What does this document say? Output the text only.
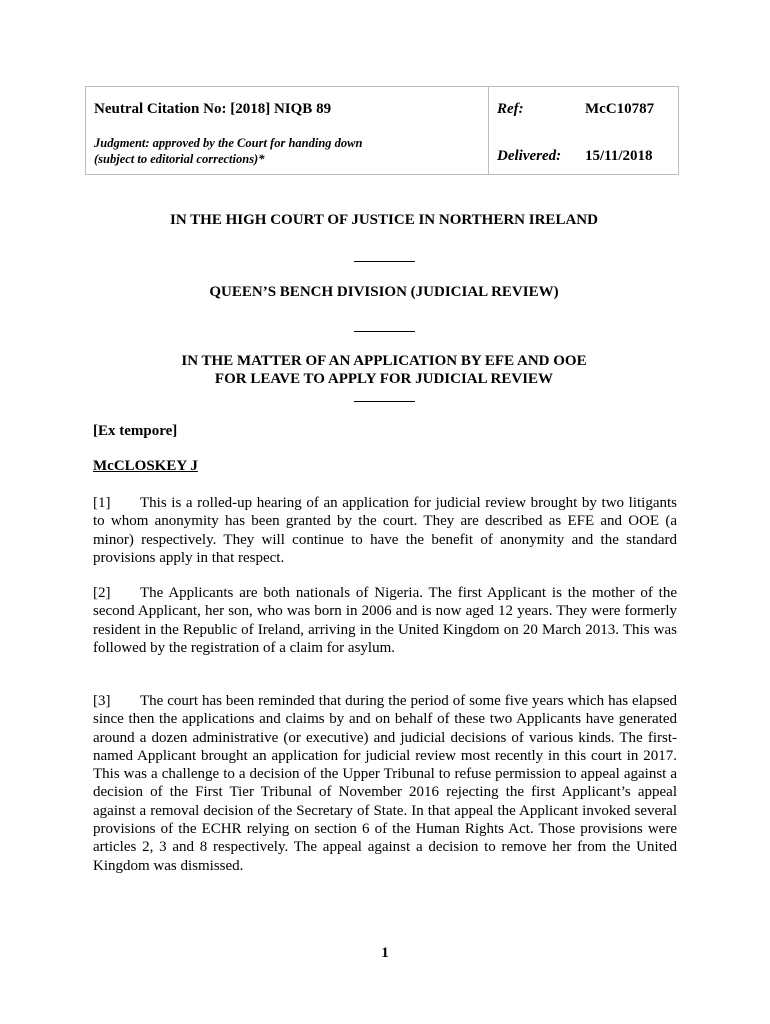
Neutral Citation No: [2018] NIQB 89
Judgment: approved by the Court for handing down
(subject to editorial corrections)*
Ref:	McC10787
Delivered: 15/11/2018
IN THE HIGH COURT OF JUSTICE IN NORTHERN IRELAND
QUEEN’S BENCH DIVISION (JUDICIAL REVIEW)
IN THE MATTER OF AN APPLICATION BY EFE AND OOE
FOR LEAVE TO APPLY FOR JUDICIAL REVIEW
[Ex tempore]
McCLOSKEY J
[1] This is a rolled-up hearing of an application for judicial review brought by two litigants to whom anonymity has been granted by the court. They are described as EFE and OOE (a minor) respectively. They will continue to have the benefit of anonymity and the standard provisions apply in that respect.
[2] The Applicants are both nationals of Nigeria. The first Applicant is the mother of the second Applicant, her son, who was born in 2006 and is now aged 12 years. They were formerly resident in the Republic of Ireland, arriving in the United Kingdom on 20 March 2013. This was followed by the registration of a claim for asylum.
[3] The court has been reminded that during the period of some five years which has elapsed since then the applications and claims by and on behalf of these two Applicants have generated around a dozen administrative (or executive) and judicial decisions of various kinds. The first-named Applicant brought an application for judicial review most recently in this court in 2017. This was a challenge to a decision of the Upper Tribunal to refuse permission to appeal against a decision of the First Tier Tribunal of November 2016 rejecting the first Applicant’s appeal against a removal decision of the Secretary of State. In that appeal the Applicant invoked several provisions of the ECHR relying on section 6 of the Human Rights Act. Those provisions were articles 2, 3 and 8 respectively. The appeal against a decision to remove her from the United Kingdom was dismissed.
1
